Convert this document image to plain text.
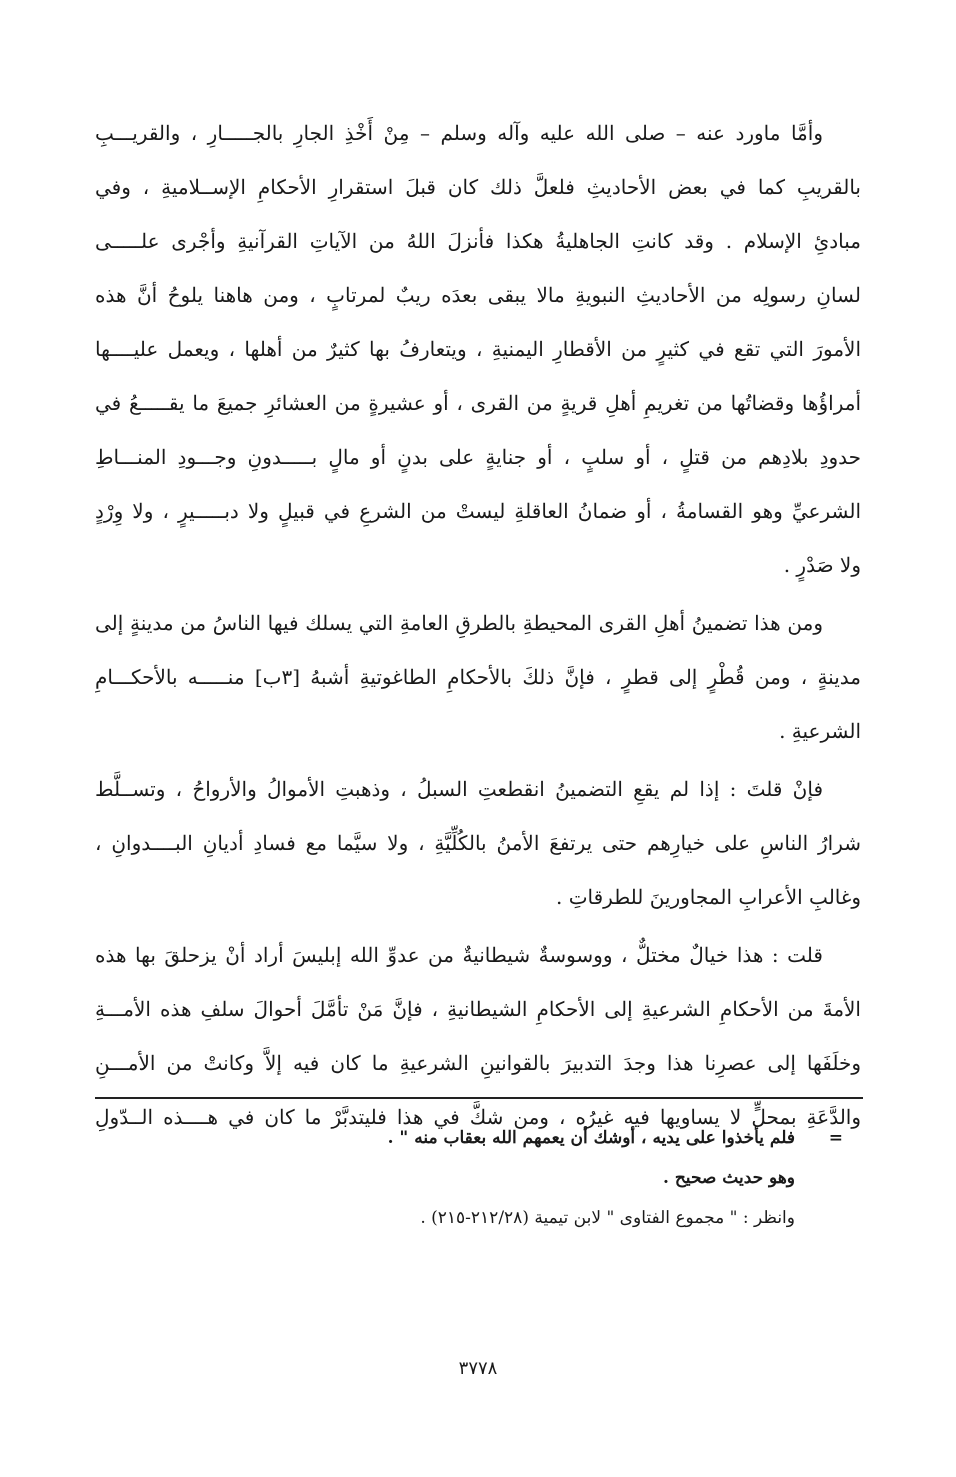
وأمَّا ماورد عنه – صلى الله عليه وآله وسلم – مِنْ أَخْذِ الجارِ بالجـــــارِ ، والقريـــبِ
بالقريبِ كما في بعض الأحاديثِ فلعلَّ ذلك كان قبلَ استقرارِ الأحكامِ الإســلاميةِ ، وفي
مبادئِ الإسلام . وقد كانتِ الجاهليةُ هكذا فأنزلَ اللهُ من الآياتِ القرآنيةِ وأجْرى علـــــى
لسانِ رسولِه من الأحاديثِ النبويةِ مالا يبقى بعدَه ريبٌ لمرتابٍ ، ومن هاهنا يلوحُ أنَّ هذه
الأمورَ التي تقع في كثيرٍ من الأقطارِ اليمنيةِ ، ويتعارفُ بها كثيرٌ من أهلها ، ويعمل عليــــها
أمراؤُها وقضاتُها من تغريمِ أهلِ قريةٍ من القرى ، أو عشيرةٍ من العشائرِ جميعَ ما يقـــــعُ في
حدودِ بلادِهم من قتلٍ ، أو سلبٍ ، أو جنايةٍ على بدنٍ أو مالٍ بـــــدونِ وجـــودِ المنـــاطِ
الشرعيِّ وهو القسامةُ ، أو ضمانُ العاقلةِ ليستْ من الشرعِ في قبيلٍ ولا دبـــــيرٍ ، ولا وِرْدٍ
ولا صَدْرٍ .
ومن هذا تضمينُ أهلِ القرى المحيطةِ بالطرقِ العامةِ التي يسلك فيها الناسُ من مدينةٍ إلى
مدينةٍ ، ومن قُطْرٍ إلى قطرٍ ، فإنَّ ذلكَ بالأحكامِ الطاغوتيةِ أشبهُ [٣ب] منـــــه بالأحكـــامِ
الشرعيةِ .
فإنْ قلتَ : إذا لم يقعِ التضمينُ انقطعتِ السبلُ ، وذهبتِ الأموالُ والأرواحُ ، وتســلَّط
شرارُ الناسِ على خيارِهم حتى يرتفعَ الأمنُ بالكُلِّيَّةِ ، ولا سيَّما مع فسادِ أديانِ البــــدوانِ ،
وغالبِ الأعرابِ المجاورينَ للطرقاتِ .
قلت : هذا خيالٌ مختلٌّ ، ووسوسةٌ شيطانيةٌ من عدوِّ الله إبليسَ أراد أنْ يزحلقَ بها هذه
الأمةَ من الأحكامِ الشرعيةِ إلى الأحكامِ الشيطانيةِ ، فإنَّ مَنْ تأمَّلَ أحوالَ سلفِ هذه الأمـــةِ
وخلَفَها إلى عصرِنا هذا وجدَ التدبيرَ بالقوانينِ الشرعيةِ ما كان فيه إلاَّ وكانتْ من الأمـــنِ
والدَّعَةِ بمحلٍّ لا يساويها فيه غيرُه ، ومن شكَّ في هذا فليتدبَّرْ ما كان في هــــذه الــدّولِ
=
فلم يأخذوا على يديه ، أوشك أن يعمهم الله بعقاب منه " .
وهو حديث صحيح .
وانظر : " مجموع الفتاوى " لابن تيمية (٢١٢/٢٨-٢١٥) .
٣٧٧٨
